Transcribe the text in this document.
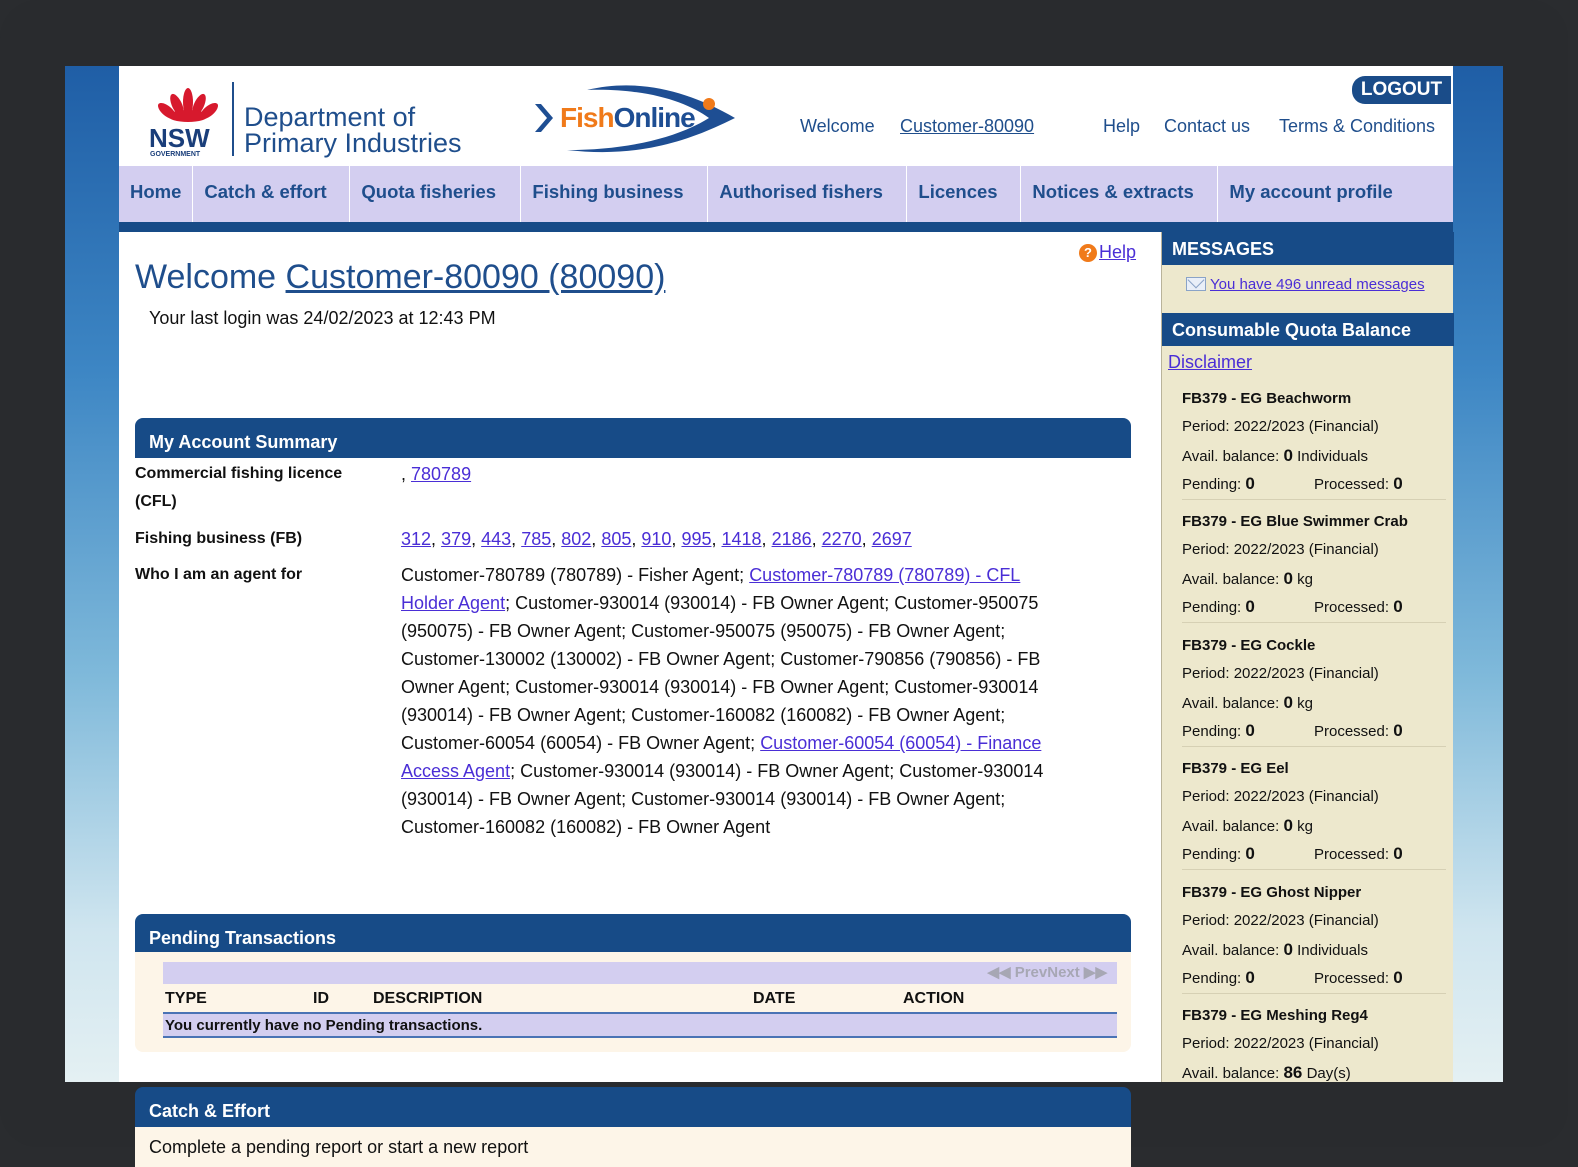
NSW
GOVERNMENT
Department of
Primary Industries
FishOnline
LOGOUT
Welcome Customer-80090	Help Contact us Terms & Conditions
Home	Catch & effort	Quota fisheries	Fishing business	Authorised fishers	Licences	Notices & extracts	My account profile
? Help
Welcome Customer-80090 (80090)
Your last login was 24/02/2023 at 12:43 PM
My Account Summary
Commercial fishing licence (CFL)
, 780789
Fishing business (FB)	312, 379, 443, 785, 802, 805, 910, 995, 1418, 2186, 2270, 2697
Who I am an agent for	Customer-780789 (780789) - Fisher Agent; Customer-780789 (780789) - CFL Holder Agent; Customer-930014 (930014) - FB Owner Agent; Customer-950075 (950075) - FB Owner Agent; Customer-950075 (950075) - FB Owner Agent; Customer-130002 (130002) - FB Owner Agent; Customer-790856 (790856) - FB Owner Agent; Customer-930014 (930014) - FB Owner Agent; Customer-930014 (930014) - FB Owner Agent; Customer-160082 (160082) - FB Owner Agent; Customer-60054 (60054) - FB Owner Agent; Customer-60054 (60054) - Finance Access Agent; Customer-930014 (930014) - FB Owner Agent; Customer-930014 (930014) - FB Owner Agent; Customer-930014 (930014) - FB Owner Agent; Customer-160082 (160082) - FB Owner Agent
Pending Transactions
◀◀ PrevNext ▶▶
TYPE	ID	DESCRIPTION	DATE	ACTION
You currently have no Pending transactions.
Catch & Effort
Complete a pending report or start a new report
MESSAGES
You have 496 unread messages
Consumable Quota Balance
Disclaimer
FB379 - EG Beachworm
Period: 2022/2023 (Financial)
Avail. balance: 0 Individuals
Pending: 0	Processed: 0
FB379 - EG Blue Swimmer Crab
Period: 2022/2023 (Financial)
Avail. balance: 0 kg
Pending: 0	Processed: 0
FB379 - EG Cockle
Period: 2022/2023 (Financial)
Avail. balance: 0 kg
Pending: 0	Processed: 0
FB379 - EG Eel
Period: 2022/2023 (Financial)
Avail. balance: 0 kg
Pending: 0	Processed: 0
FB379 - EG Ghost Nipper
Period: 2022/2023 (Financial)
Avail. balance: 0 Individuals
Pending: 0	Processed: 0
FB379 - EG Meshing Reg4
Period: 2022/2023 (Financial)
Avail. balance: 86 Day(s)
